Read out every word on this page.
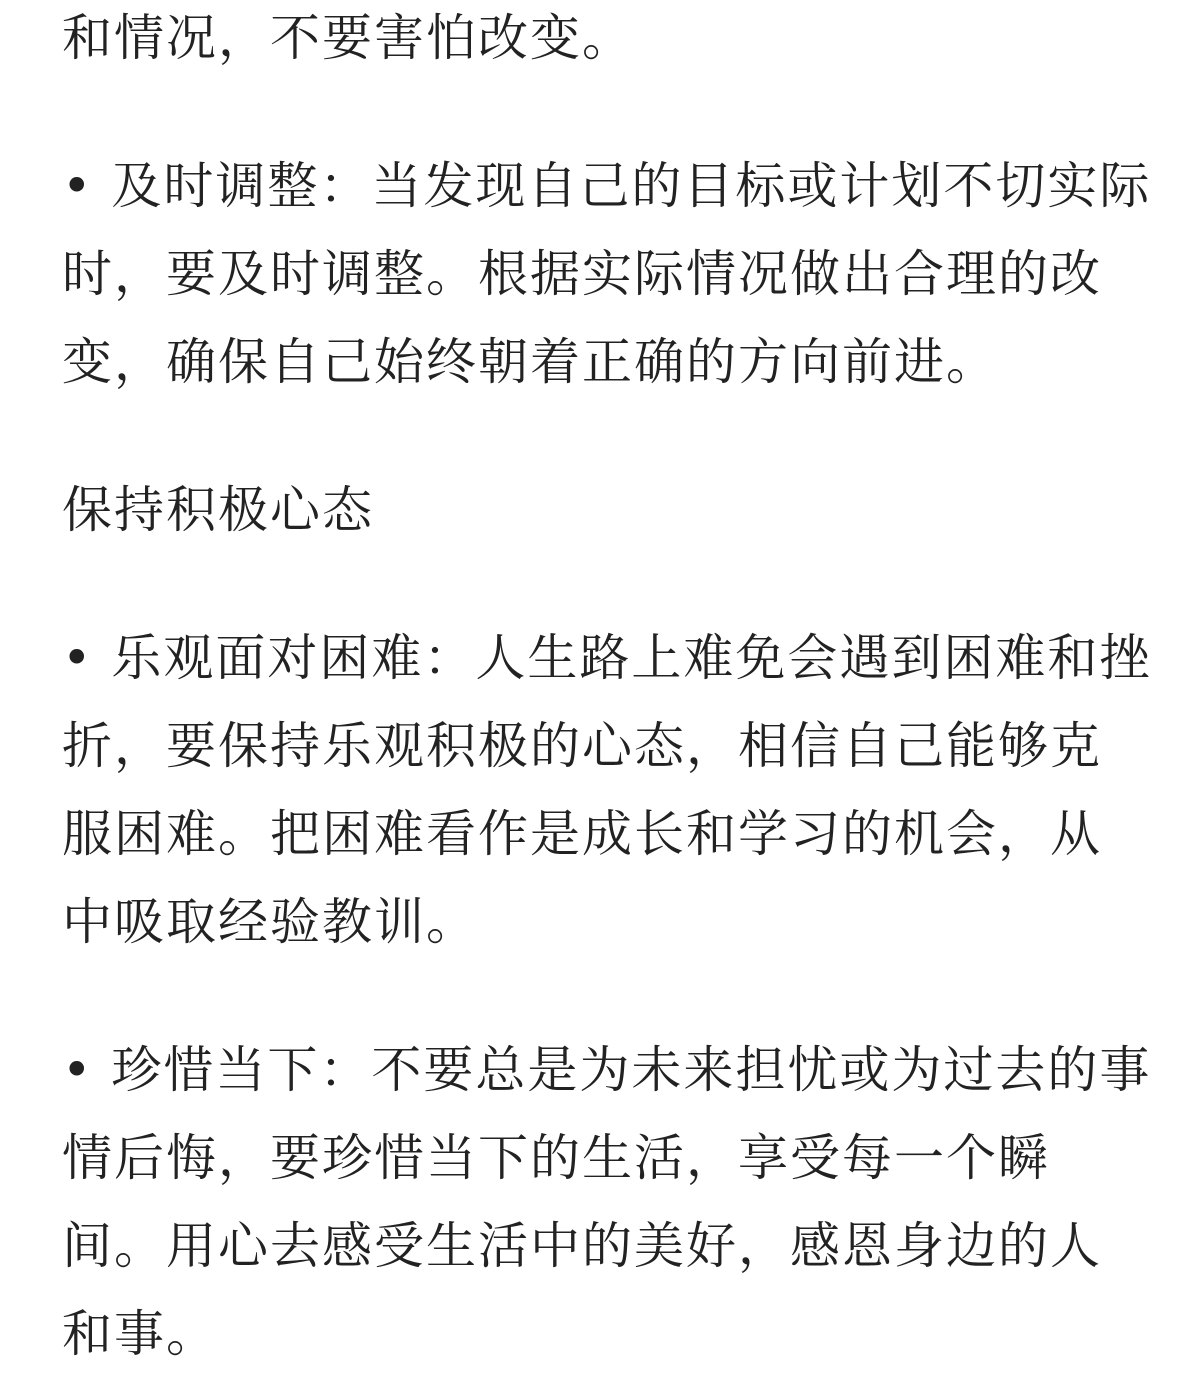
和情况，不要害怕改变。
• 及时调整：当发现自己的目标或计划不切实际
时，要及时调整。根据实际情况做出合理的改
变，确保自己始终朝着正确的方向前进。
保持积极心态
• 乐观面对困难：人生路上难免会遇到困难和挫
折，要保持乐观积极的心态，相信自己能够克
服困难。把困难看作是成长和学习的机会，从
中吸取经验教训。
• 珍惜当下：不要总是为未来担忧或为过去的事
情后悔，要珍惜当下的生活，享受每一个瞬
间。用心去感受生活中的美好，感恩身边的人
和事。
